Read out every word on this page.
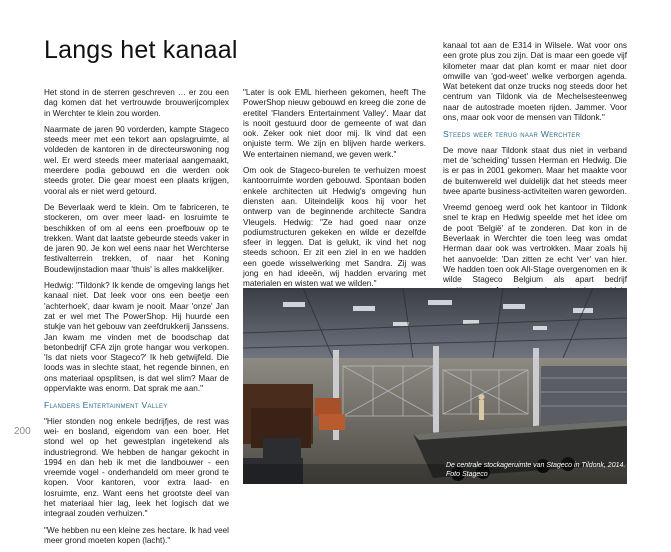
Langs het kanaal

Het stond in de sterren geschreven … er zou een dag komen dat het vertrouwde brouwerijcomplex in Werchter te klein zou worden.

Naarmate de jaren 90 vorderden, kampte Stageco steeds meer met een tekort aan opslagruimte, al voldeden de kantoren in de directeurswoning nog wel. Er werd steeds meer materiaal aangemaakt, meerdere podia gebouwd en die werden ook steeds groter. Die gear moest een plaats krijgen, vooral als er niet werd getourd.

De Beverlaak werd te klein. Om te fabriceren, te stockeren, om over meer laad- en losruimte te beschikken of om al eens een proefbouw op te trekken. Want dat laatste gebeurde steeds vaker in de jaren 90. Je kon wel eens naar het Werchterse festivalterrein trekken, of naar het Koning Boudewijnstadion maar 'thuis' is alles makkelijker.

Hedwig: "Tildonk? Ik kende de omgeving langs het kanaal niet. Dat leek voor ons een beetje een 'achterhoek', daar kwam je nooit. Maar 'onze' Jan zat er wel met The PowerShop. Hij huurde een stukje van het gebouw van zeefdrukkerij Janssens. Jan kwam me vinden met de boodschap dat betonbedrijf CFA zijn grote hangar wou verkopen. 'Is dat niets voor Stageco?' Ik heb getwijfeld. Die loods was in slechte staat, het regende binnen, en ons materiaal opsplitsen, is dat wel slim? Maar de oppervlakte was enorm. Dat sprak me aan."

Flanders Entertainment Valley

"Hier stonden nog enkele bedrijfjes, de rest was wei- en bosland, eigendom van een boer. Het stond wel op het gewestplan ingetekend als industriegrond. We hebben de hangar gekocht in 1994 en dan heb ik met die landbouwer - een vreemde vogel - onderhandeld om meer grond te kopen. Voor kantoren, voor extra laad- en losruimte, enz. Want eens het grootste deel van het materiaal hier lag, leek het logisch dat we integraal zouden verhuizen."

"We hebben nu een kleine zes hectare. Ik had veel meer grond moeten kopen (lacht)."

"Later is ook EML hierheen gekomen, heeft The PowerShop nieuw gebouwd en kreeg die zone de eretitel 'Flanders Entertainment Valley'. Maar dat is nooit gestuurd door de gemeente of wat dan ook. Zeker ook niet door mij. Ik vind dat een onjuiste term. We zijn en blijven harde werkers. We entertainen niemand, we geven werk."

Om ook de Stageco-burelen te verhuizen moest kantoorruimte worden gebouwd. Spontaan boden enkele architecten uit Hedwig's omgeving hun diensten aan. Uiteindelijk koos hij voor het ontwerp van de beginnende architecte Sandra Vleugels. Hedwig: "Ze had goed naar onze podiumstructuren gekeken en wilde er dezelfde sfeer in leggen. Dat is gelukt, ik vind het nog steeds schoon. Er zit een ziel in en we hadden een goede wisselwerking met Sandra. Zij was jong en had ideeën, wij hadden ervaring met materialen en wisten wat we wilden."

kanaal tot aan de E314 in Wilsele. Wat voor ons een grote plus zou zijn. Dat is maar een goede vijf kilometer maar dat plan komt er maar niet door omwille van 'god-weet' welke verborgen agenda. Wat betekent dat onze trucks nog steeds door het centrum van Tildonk via de Mechelsesteenweg naar de autostrade moeten rijden. Jammer. Voor ons, maar ook voor de mensen van Tildonk."

Steeds weer terug naar Werchter

De move naar Tildonk staat dus niet in verband met de 'scheiding' tussen Herman en Hedwig. Die is er pas in 2001 gekomen. Maar het maakte voor de buitenwereld wel duidelijk dat het steeds meer twee aparte business-activiteiten waren geworden.

Vreemd genoeg werd ook het kantoor in Tildonk snel te krap en Hedwig speelde met het idee om de poot 'België' af te zonderen. Dat kon in de Beverlaak in Werchter die toen leeg was omdat Herman daar ook was vertrokken. Maar zoals hij het aanvoelde: 'Dan zitten ze echt 'ver' van hier. We hadden toen ook All-Stage overgenomen en ik wilde Stageco Belgium als apart bedrijf

200
De centrale stockageruimte van Stageco in Tildonk, 2014.
Foto Stageco
